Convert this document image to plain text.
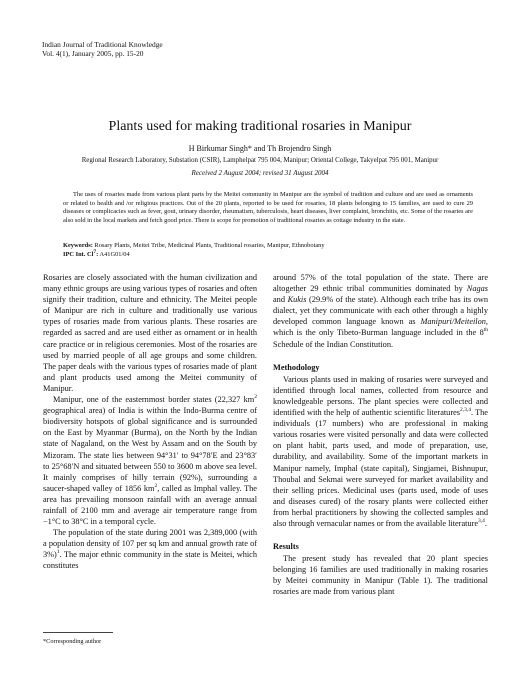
Indian Journal of Traditional Knowledge
Vol. 4(1), January 2005, pp. 15-20
Plants used for making traditional rosaries in Manipur
H Birkumar Singh* and Th Brojendro Singh
Regional Research Laboratory, Substation (CSIR), Lamphelpat 795 004, Manipur; Oriental College, Takyelpat 795 001, Manipur
Received 2 August 2004; revised 31 August 2004
The uses of rosaries made from various plant parts by the Meitei community in Manipur are the symbol of tradition and culture and are used as ornaments or related to health and /or religious practices. Out of the 20 plants, reported to be used for rosaries, 18 plants belonging to 15 families, are used to cure 29 diseases or complicacies such as fever, gout, urinary disorder, rheumatism, tuberculosis, heart diseases, liver complaint, bronchitis, etc. Some of the rosaries are also sold in the local markets and fetch good price. There is scope for promotion of traditional rosaries as cottage industry in the state.
Keywords: Rosary Plants, Meitei Tribe, Medicinal Plants, Traditional rosaries, Manipur, Ethnobotany
IPC Int. Cl$^7$: A41G01/04

Rosaries are closely associated with the human civilization and many ethnic groups are using various types of rosaries and often signify their tradition, culture and ethnicity. The Meitei people of Manipur are rich in culture and traditionally use various types of rosaries made from various plants. These rosaries are regarded as sacred and are used either as ornament or in health care practice or in religious ceremonies. Most of the rosaries are used by married people of all age groups and some children. The paper deals with the various types of rosaries made of plant and plant products used among the Meitei community of Manipur.

Manipur, one of the easternmost border states (22,327 $km^2$ geographical area) of India is within the Indo-Burma centre of biodiversity hotspots of global significance and is surrounded on the East by Myanmar (Burma), on the North by the Indian state of Nagaland, on the West by Assam and on the South by Mizoram. The state lies between 94°31′ to 94°78′E and 23°83′ to 25°68′N and situated between 550 to 3600 m above sea level. It mainly comprises of hilly terrain (92%), surrounding a saucer-shaped valley of 1856 $km^2$, called as Imphal valley. The area has prevailing monsoon rainfall with an average annual rainfall of 2100 mm and average air temperature range from −1°C to 38°C in a temporal cycle.

The population of the state during 2001 was 2,389,000 (with a population density of 107 per sq km and annual growth rate of 3%)$^1$. The major ethnic community in the state is Meitei, which constitutes

around 57% of the total population of the state. There are altogether 29 ethnic tribal communities dominated by Nagas and Kukis (29.9% of the state). Although each tribe has its own dialect, yet they communicate with each other through a highly developed common language known as Manipuri/Meiteilon, which is the only Tibeto-Burman language included in the 8th Schedule of the Indian Constitution.

Methodology

Various plants used in making of rosaries were surveyed and identified through local names, collected from resource and knowledgeable persons. The plant species were collected and identified with the help of authentic scientific literatures$^{2,3,4}$. The individuals (17 numbers) who are professional in making various rosaries were visited personally and data were collected on plant habit, parts used, and mode of preparation, use, durability, and availability. Some of the important markets in Manipur namely, Imphal (state capital), Singjamei, Bishnupur, Thoubal and Sekmai were surveyed for market availability and their selling prices. Medicinal uses (parts used, mode of uses and diseases cured) of the rosary plants were collected either from herbal practitioners by showing the collected samples and also through vernacular names or from the available literature$^{3,4}$.

Results

The present study has revealed that 20 plant species belonging 16 families are used traditionally in making rosaries by Meitei community in Manipur (Table 1). The traditional rosaries are made from various plant

*Corresponding author
